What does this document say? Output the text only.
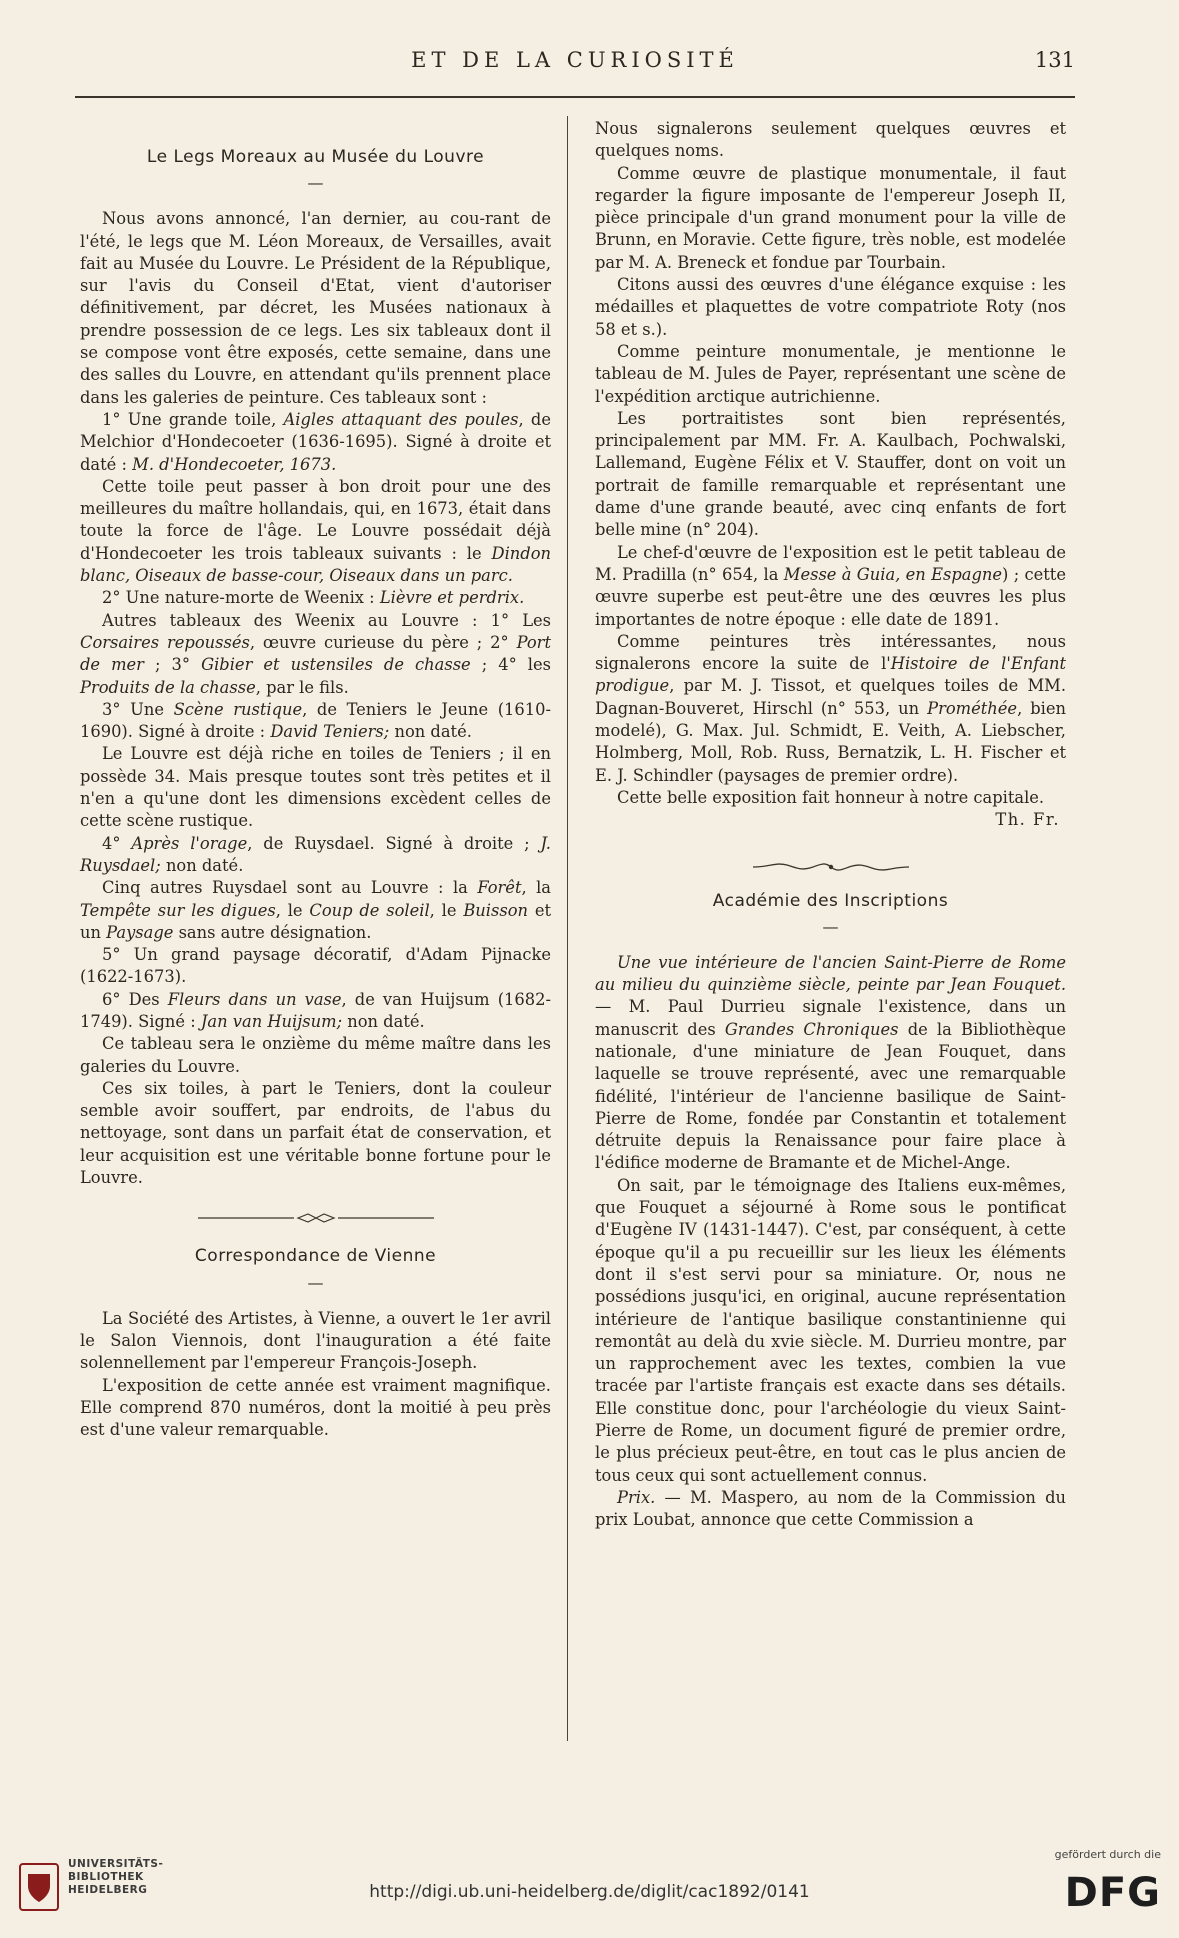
ET DE LA CURIOSITÉ	131
Le Legs Moreaux au Musée du Louvre
—

Nous avons annoncé, l'an dernier, au cou-rant de l'été, le legs que M. Léon Moreaux, de Versailles, avait fait au Musée du Louvre. Le Président de la République, sur l'avis du Conseil d'Etat, vient d'autoriser définitivement, par décret, les Musées nationaux à prendre possession de ce legs. Les six tableaux dont il se compose vont être exposés, cette semaine, dans une des salles du Louvre, en attendant qu'ils prennent place dans les galeries de peinture. Ces tableaux sont :

1° Une grande toile, Aigles attaquant des poules, de Melchior d'Hondecoeter (1636-1695). Signé à droite et daté : M. d'Hondecoeter, 1673.

Cette toile peut passer à bon droit pour une des meilleures du maître hollandais, qui, en 1673, était dans toute la force de l'âge. Le Louvre possédait déjà d'Hondecoeter les trois tableaux suivants : le Dindon blanc, Oiseaux de basse-cour, Oiseaux dans un parc.

2° Une nature-morte de Weenix : Lièvre et perdrix.

Autres tableaux des Weenix au Louvre : 1° Les Corsaires repoussés, œuvre curieuse du père ; 2° Port de mer ; 3° Gibier et ustensiles de chasse ; 4° les Produits de la chasse, par le fils.

3° Une Scène rustique, de Teniers le Jeune (1610-1690). Signé à droite : David Teniers; non daté.

Le Louvre est déjà riche en toiles de Teniers ; il en possède 34. Mais presque toutes sont très petites et il n'en a qu'une dont les dimensions excèdent celles de cette scène rustique.

4° Après l'orage, de Ruysdael. Signé à droite ; J. Ruysdael; non daté.

Cinq autres Ruysdael sont au Louvre : la Forêt, la Tempête sur les digues, le Coup de soleil, le Buisson et un Paysage sans autre désignation.

5° Un grand paysage décoratif, d'Adam Pijnacke (1622-1673).

6° Des Fleurs dans un vase, de van Huijsum (1682-1749). Signé : Jan van Huijsum; non daté.

Ce tableau sera le onzième du même maître dans les galeries du Louvre.

Ces six toiles, à part le Teniers, dont la couleur semble avoir souffert, par endroits, de l'abus du nettoyage, sont dans un parfait état de conservation, et leur acquisition est une véritable bonne fortune pour le Louvre.

Correspondance de Vienne
—

La Société des Artistes, à Vienne, a ouvert le 1er avril le Salon Viennois, dont l'inauguration a été faite solennellement par l'empereur François-Joseph.

L'exposition de cette année est vraiment magnifique. Elle comprend 870 numéros, dont la moitié à peu près est d'une valeur remarquable.

Nous signalerons seulement quelques œuvres et quelques noms.

Comme œuvre de plastique monumentale, il faut regarder la figure imposante de l'empereur Joseph II, pièce principale d'un grand monument pour la ville de Brunn, en Moravie. Cette figure, très noble, est modelée par M. A. Breneck et fondue par Tourbain.

Citons aussi des œuvres d'une élégance exquise : les médailles et plaquettes de votre compatriote Roty (nos 58 et s.).

Comme peinture monumentale, je mentionne le tableau de M. Jules de Payer, représentant une scène de l'expédition arctique autrichienne.

Les portraitistes sont bien représentés, principalement par MM. Fr. A. Kaulbach, Pochwalski, Lallemand, Eugène Félix et V. Stauffer, dont on voit un portrait de famille remarquable et représentant une dame d'une grande beauté, avec cinq enfants de fort belle mine (n° 204).

Le chef-d'œuvre de l'exposition est le petit tableau de M. Pradilla (n° 654, la Messe à Guia, en Espagne) ; cette œuvre superbe est peut-être une des œuvres les plus importantes de notre époque : elle date de 1891.

Comme peintures très intéressantes, nous signalerons encore la suite de l'Histoire de l'Enfant prodigue, par M. J. Tissot, et quelques toiles de MM. Dagnan-Bouveret, Hirschl (n° 553, un Prométhée, bien modelé), G. Max. Jul. Schmidt, E. Veith, A. Liebscher, Holmberg, Moll, Rob. Russ, Bernatzik, L. H. Fischer et E. J. Schindler (paysages de premier ordre).

Cette belle exposition fait honneur à notre capitale.

Th. Fr.
Académie des Inscriptions
—

Une vue intérieure de l'ancien Saint-Pierre de Rome au milieu du quinzième siècle, peinte par Jean Fouquet. — M. Paul Durrieu signale l'existence, dans un manuscrit des Grandes Chroniques de la Bibliothèque nationale, d'une miniature de Jean Fouquet, dans laquelle se trouve représenté, avec une remarquable fidélité, l'intérieur de l'ancienne basilique de Saint-Pierre de Rome, fondée par Constantin et totalement détruite depuis la Renaissance pour faire place à l'édifice moderne de Bramante et de Michel-Ange.

On sait, par le témoignage des Italiens eux-mêmes, que Fouquet a séjourné à Rome sous le pontificat d'Eugène IV (1431-1447). C'est, par conséquent, à cette époque qu'il a pu recueillir sur les lieux les éléments dont il s'est servi pour sa miniature. Or, nous ne possédions jusqu'ici, en original, aucune représentation intérieure de l'antique basilique constantinienne qui remontât au delà du xvie siècle. M. Durrieu montre, par un rapprochement avec les textes, combien la vue tracée par l'artiste français est exacte dans ses détails. Elle constitue donc, pour l'archéologie du vieux Saint-Pierre de Rome, un document figuré de premier ordre, le plus précieux peut-être, en tout cas le plus ancien de tous ceux qui sont actuellement connus.

Prix. — M. Maspero, au nom de la Commission du prix Loubat, annonce que cette Commission a

UNIVERSITÄTS-
BIBLIOTHEK
HEIDELBERG	http://digi.ub.uni-heidelberg.de/diglit/cac1892/0141
gefördert durch die
DFG
